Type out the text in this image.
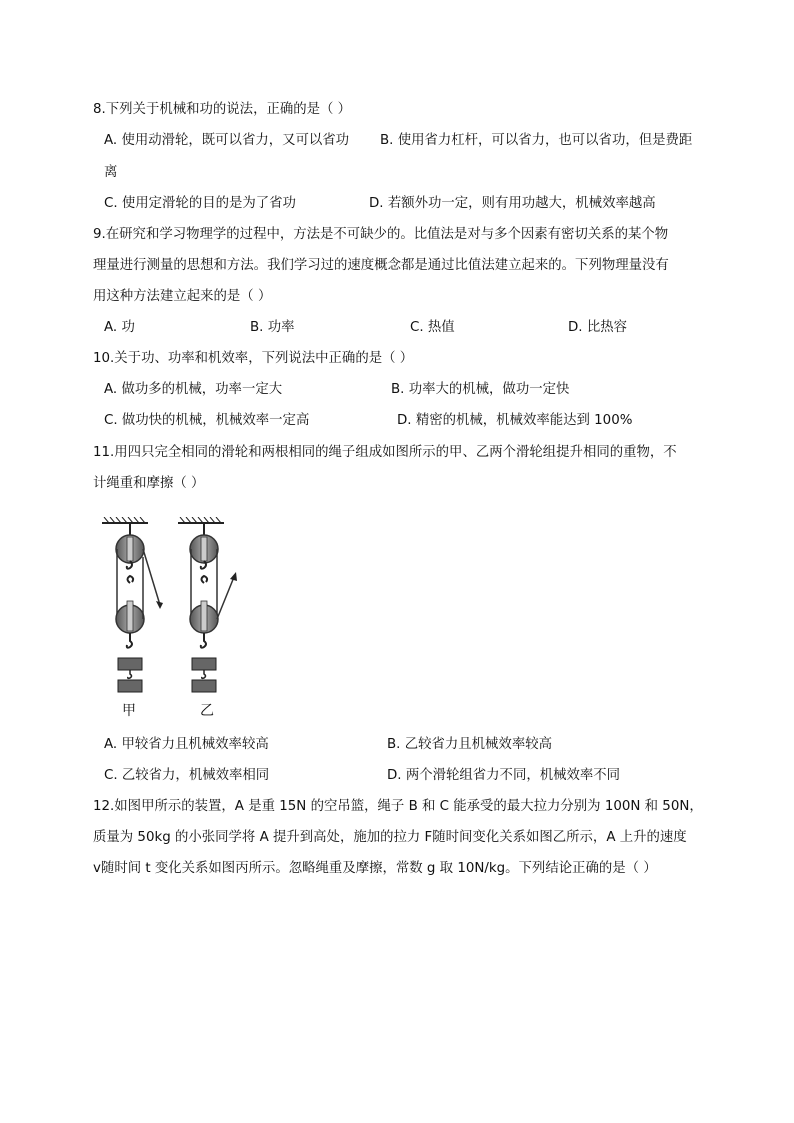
8.下列关于机械和功的说法，正确的是（ ）
A. 使用动滑轮，既可以省力，又可以省功 B. 使用省力杠杆，可以省力，也可以省功，但是费距
离
C. 使用定滑轮的目的是为了省功	D. 若额外功一定，则有用功越大，机械效率越高
9.在研究和学习物理学的过程中，方法是不可缺少的。比值法是对与多个因素有密切关系的某个物
理量进行测量的思想和方法。我们学习过的速度概念都是通过比值法建立起来的。下列物理量没有
用这种方法建立起来的是（ ）
A. 功	B. 功率	C. 热值	D. 比热容
10.关于功、功率和机效率，下列说法中正确的是（ ）
A. 做功多的机械，功率一定大	B. 功率大的机械，做功一定快
C. 做功快的机械，机械效率一定高	D. 精密的机械，机械效率能达到 100%
11.用四只完全相同的滑轮和两根相同的绳子组成如图所示的甲、乙两个滑轮组提升相同的重物，不
计绳重和摩擦（ ）
甲	乙
A. 甲较省力且机械效率较高	B. 乙较省力且机械效率较高
C. 乙较省力，机械效率相同	D. 两个滑轮组省力不同，机械效率不同
12.如图甲所示的装置，A 是重 15N 的空吊篮，绳子 B 和 C 能承受的最大拉力分别为 100N 和 50N，
质量为 50kg 的小张同学将 A 提升到高处，施加的拉力 F随时间变化关系如图乙所示，A 上升的速度
v随时间 t 变化关系如图丙所示。忽略绳重及摩擦，常数 g 取 10N/kg。下列结论正确的是（ ）
